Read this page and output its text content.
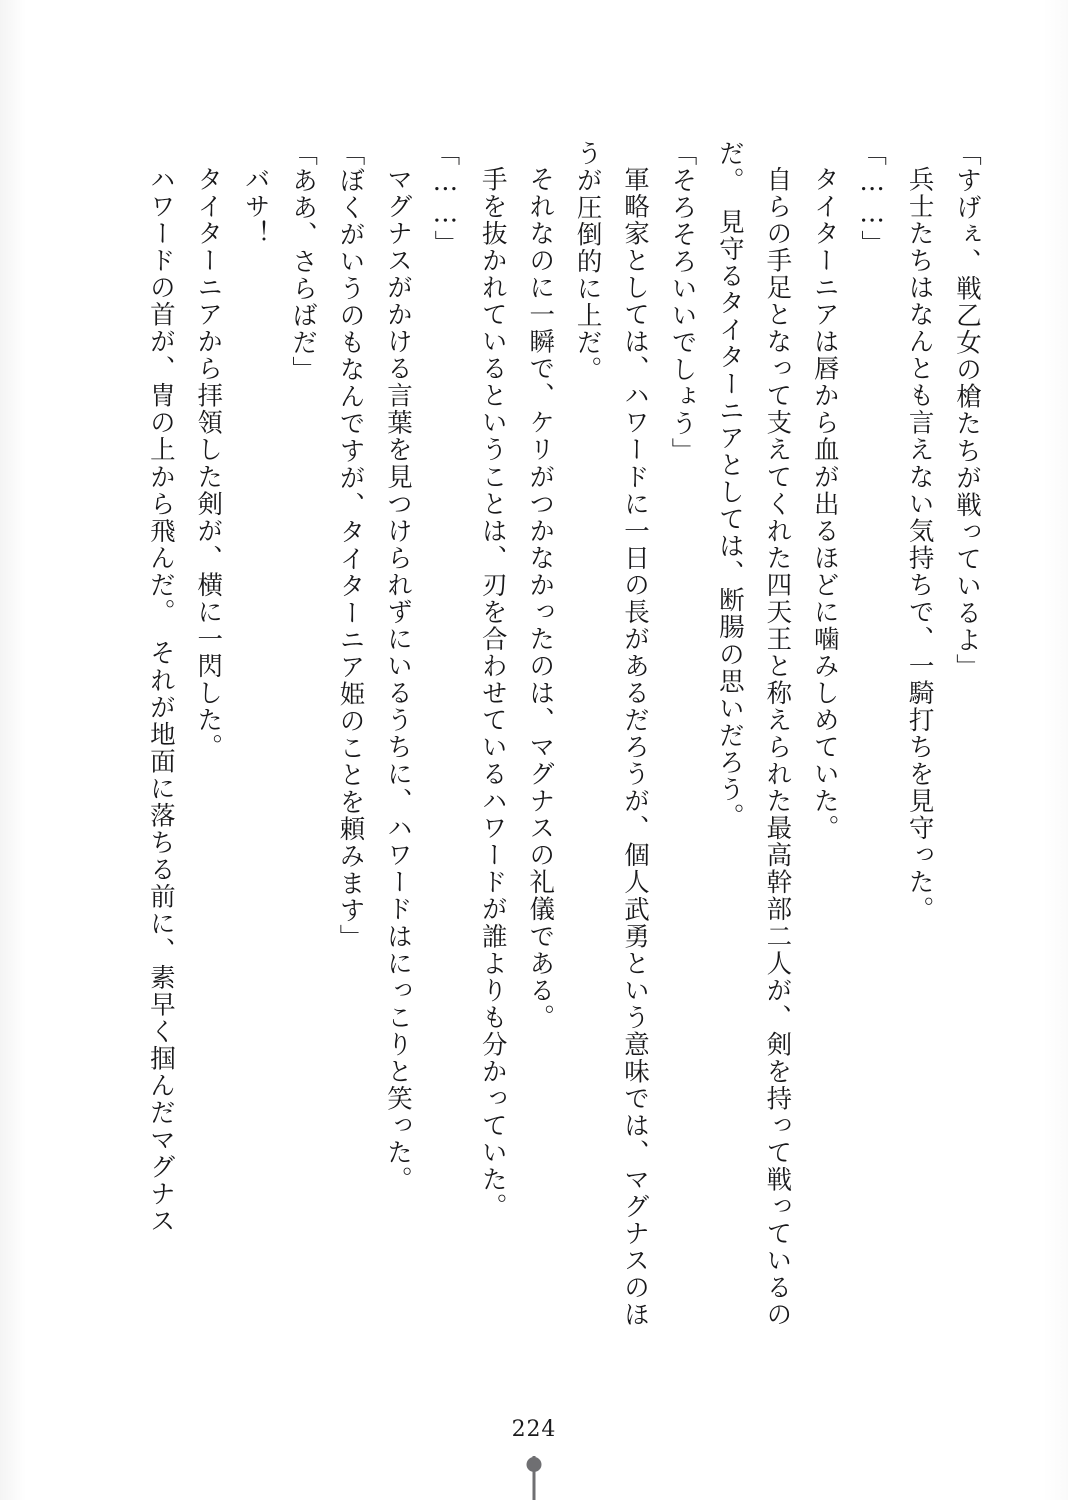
「すげぇ、戦乙女の槍たちが戦っているよ」

兵士たちはなんとも言えない気持ちで、一騎打ちを見守った。

「……」

タイターニアは唇から血が出るほどに噛みしめていた。

自らの手足となって支えてくれた四天王と称えられた最高幹部二人が、剣を持って戦っているのだ。　見守るタイターニアとしては、断腸の思いだろう。

「そろそろいいでしょう」

軍略家としては、ハワードに一日の長があるだろうが、個人武勇という意味では、マグナスのほうが圧倒的に上だ。

それなのに一瞬で、ケリがつかなかったのは、マグナスの礼儀である。

手を抜かれているということは、刃を合わせているハワードが誰よりも分かっていた。

「……」

マグナスがかける言葉を見つけられずにいるうちに、ハワードはにっこりと笑った。

「ぼくがいうのもなんですが、タイターニア姫のことを頼みます」

「ああ、さらばだ」

バサ！

タイターニアから拝領した剣が、横に一閃した。

ハワードの首が、冑の上から飛んだ。　それが地面に落ちる前に、素早く掴んだマグナス

224
